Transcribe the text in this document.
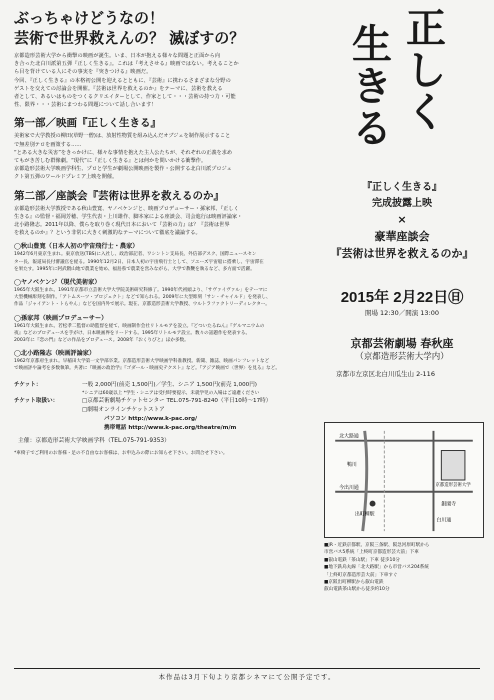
ぶっちゃけどうなの！
芸術で世界救えんの？ 滅ぼすの？

京都造形芸術大学から衝撃の映画が誕生。いま、日本が抱える様々な問題と正面から向

き合った北白川派第五弾『正しく生きる』。これは『考えさせる』映画ではない。考えることか

ら目を背けている人にその事実を『突きつける』映画だ。

今回、『正しく生きる』の本格初公開を迎えるとともに、『芸術』に携わるさまざまな分野の

ゲストを交えての討論会を開催。『芸術は世界を救えるのか』をテーマに、芸術を教える

者として、あるいはものをつくるクリエイターとして、作家として・・・芸術の持つ力・可能

性、限界・・・芸術にまつわる問題について話し合います！

第一部／映画『正しく生きる』

美術家で大学教授の柳田(草野一僧)は、放射性物質を組み込んだオブジェを制作展示すること

で無差別テロを画策する……

“とある大きな災害”をきっかけに、様々な事情を抱えた主人公たちが、それぞれの正義を求め

てもがき苦しむ群像劇。“現代”に『正しく生きる』とは何かを問いかける衝撃作。

京都造形芸術大学映画学科生、プロと学生が劇場公開映画を製作・公開する北白川派プロジェ

クト第五弾のワールドプレミア上映を開催。

第二部／座談会『芸術は世界を救えるのか』

京都造形芸術大学教授である秋山豊寛、ヤノベケンジと、映画プロデューサー・孫家邦、『正しく

生きる』の監督・福岡芳穂、学生代表・上川雄作、脚本家による座談会、司会進行は映画評論家・

北小路隆志。2011年以降、僕らを取り巻く現代日本において『芸術の力』は？『芸術は世界

を救えるのか』？という非常に大きく刺激的なテーマについて徹底を議論する。

◯秋山豊寛（日本人初の宇宙飛行士・農家）

1942年6月東京生まれ。東京放送(TBS)に入社し、政治部記者、ワシントン支局長、外信部デスク、国際ニュースセン

ター長、報道局長付審議官を経る。1990年12月2日、日本人初の宇宙飛行士として、ソユーズ宇宙船に搭乗し、宇宙滞在

を果たす。1995年に阿武隈山地で農業を始め、福島県で農業を営みながら、大学で教鞭を執るなど、多方面で活躍。

◯ヤノベケンジ（現代美術家）

1965年大阪生まれ。1991年京都市立芸術大学大学院美術研究科修了。1990年代初頭より、「サヴァイヴァル」をテーマに

大型機械彫刻を制作。「アトムスーツ・プロジェクト」などで知られる。2009年に大型彫刻「サン・チャイルド」を発表し、

作品「ジャイアント・トらやん」などを国内外で展示。現在、京都造形芸術大学教授、ウルトラファクトリーディレクター。

◯孫家邦（映画プロデューサー）

1961年大阪生まれ。若松孝二監督の助監督を経て、映画制作会社リトルモアを設立。『どついたるねん』『ゲルマニウムの

夜』などのプロデュースを手がけ、日本映画界をリードする。1995年リトルモア設立。数々の話題作を発表する。

2003年に『恋の門』などの作品をプロデュース。2008年『おくりびと』ほか多数。

◯北小路隆志（映画評論家）

1962年京都府生まれ。早稲田大学第一文学部卒業。京都造形芸術大学映画学科准教授。新聞、雑誌、映画パンフレットなど

で映画評や論考を多数執筆。共著に『映画の政治学』『ゴダール・映画史テクスト』など。『アジア映画で〈世界〉を見る』など。

チケット：	一般 2,000円(前売 1,500円)／学生、シニア 1,500円(前売 1,000円)
*シニアは60歳以上 *学生・シニアは受付時要提示、未就学児の入場はご遠慮ください
チケット取扱い：	□京都芸術劇場チケットセンター TEL.075-791-8240（平日10時〜17時）
□劇場オンラインチケットストア
パソコン http://www.k-pac.org/
携帯電話 http://www.k-pac.org/theatre/m/m
主催：京都造形芸術大学映画学科（TEL.075-791-9353）
*車椅子でご利用のお客様・足の不自由なお客様は、お申込みの際にお知らせ下さい。お問合せ下さい。
正
し
く
生
き
る
『正しく生きる』
完成披露上映
×
豪華座談会
『芸術は世界を救えるのか』
2015年 2月22日㊐
開場 12:30／開演 13:00
京都芸術劇場 春秋座
（京都造形芸術大学内）
京都市左京区北白川瓜生山 2-116
北大路通
今出川通
白川通
京都造形芸術大学
出町柳駅
鴨川
銀閣寺

■JR・近鉄京都駅、京阪三条駅、阪急河原町駅から

市営バス5系統「上終町京都造形芸大前」下車

■叡山電鉄「茶山駅」下車 徒歩10分

■地下鉄烏丸線「北大路駅」から市営バス204系統

「上終町京都造形芸大前」下車すぐ

■京阪出町柳駅から叡山電鉄

叡山電鉄茶山駅から徒歩約10分

本作品は3月下旬より京都シネマにて公開予定です。
